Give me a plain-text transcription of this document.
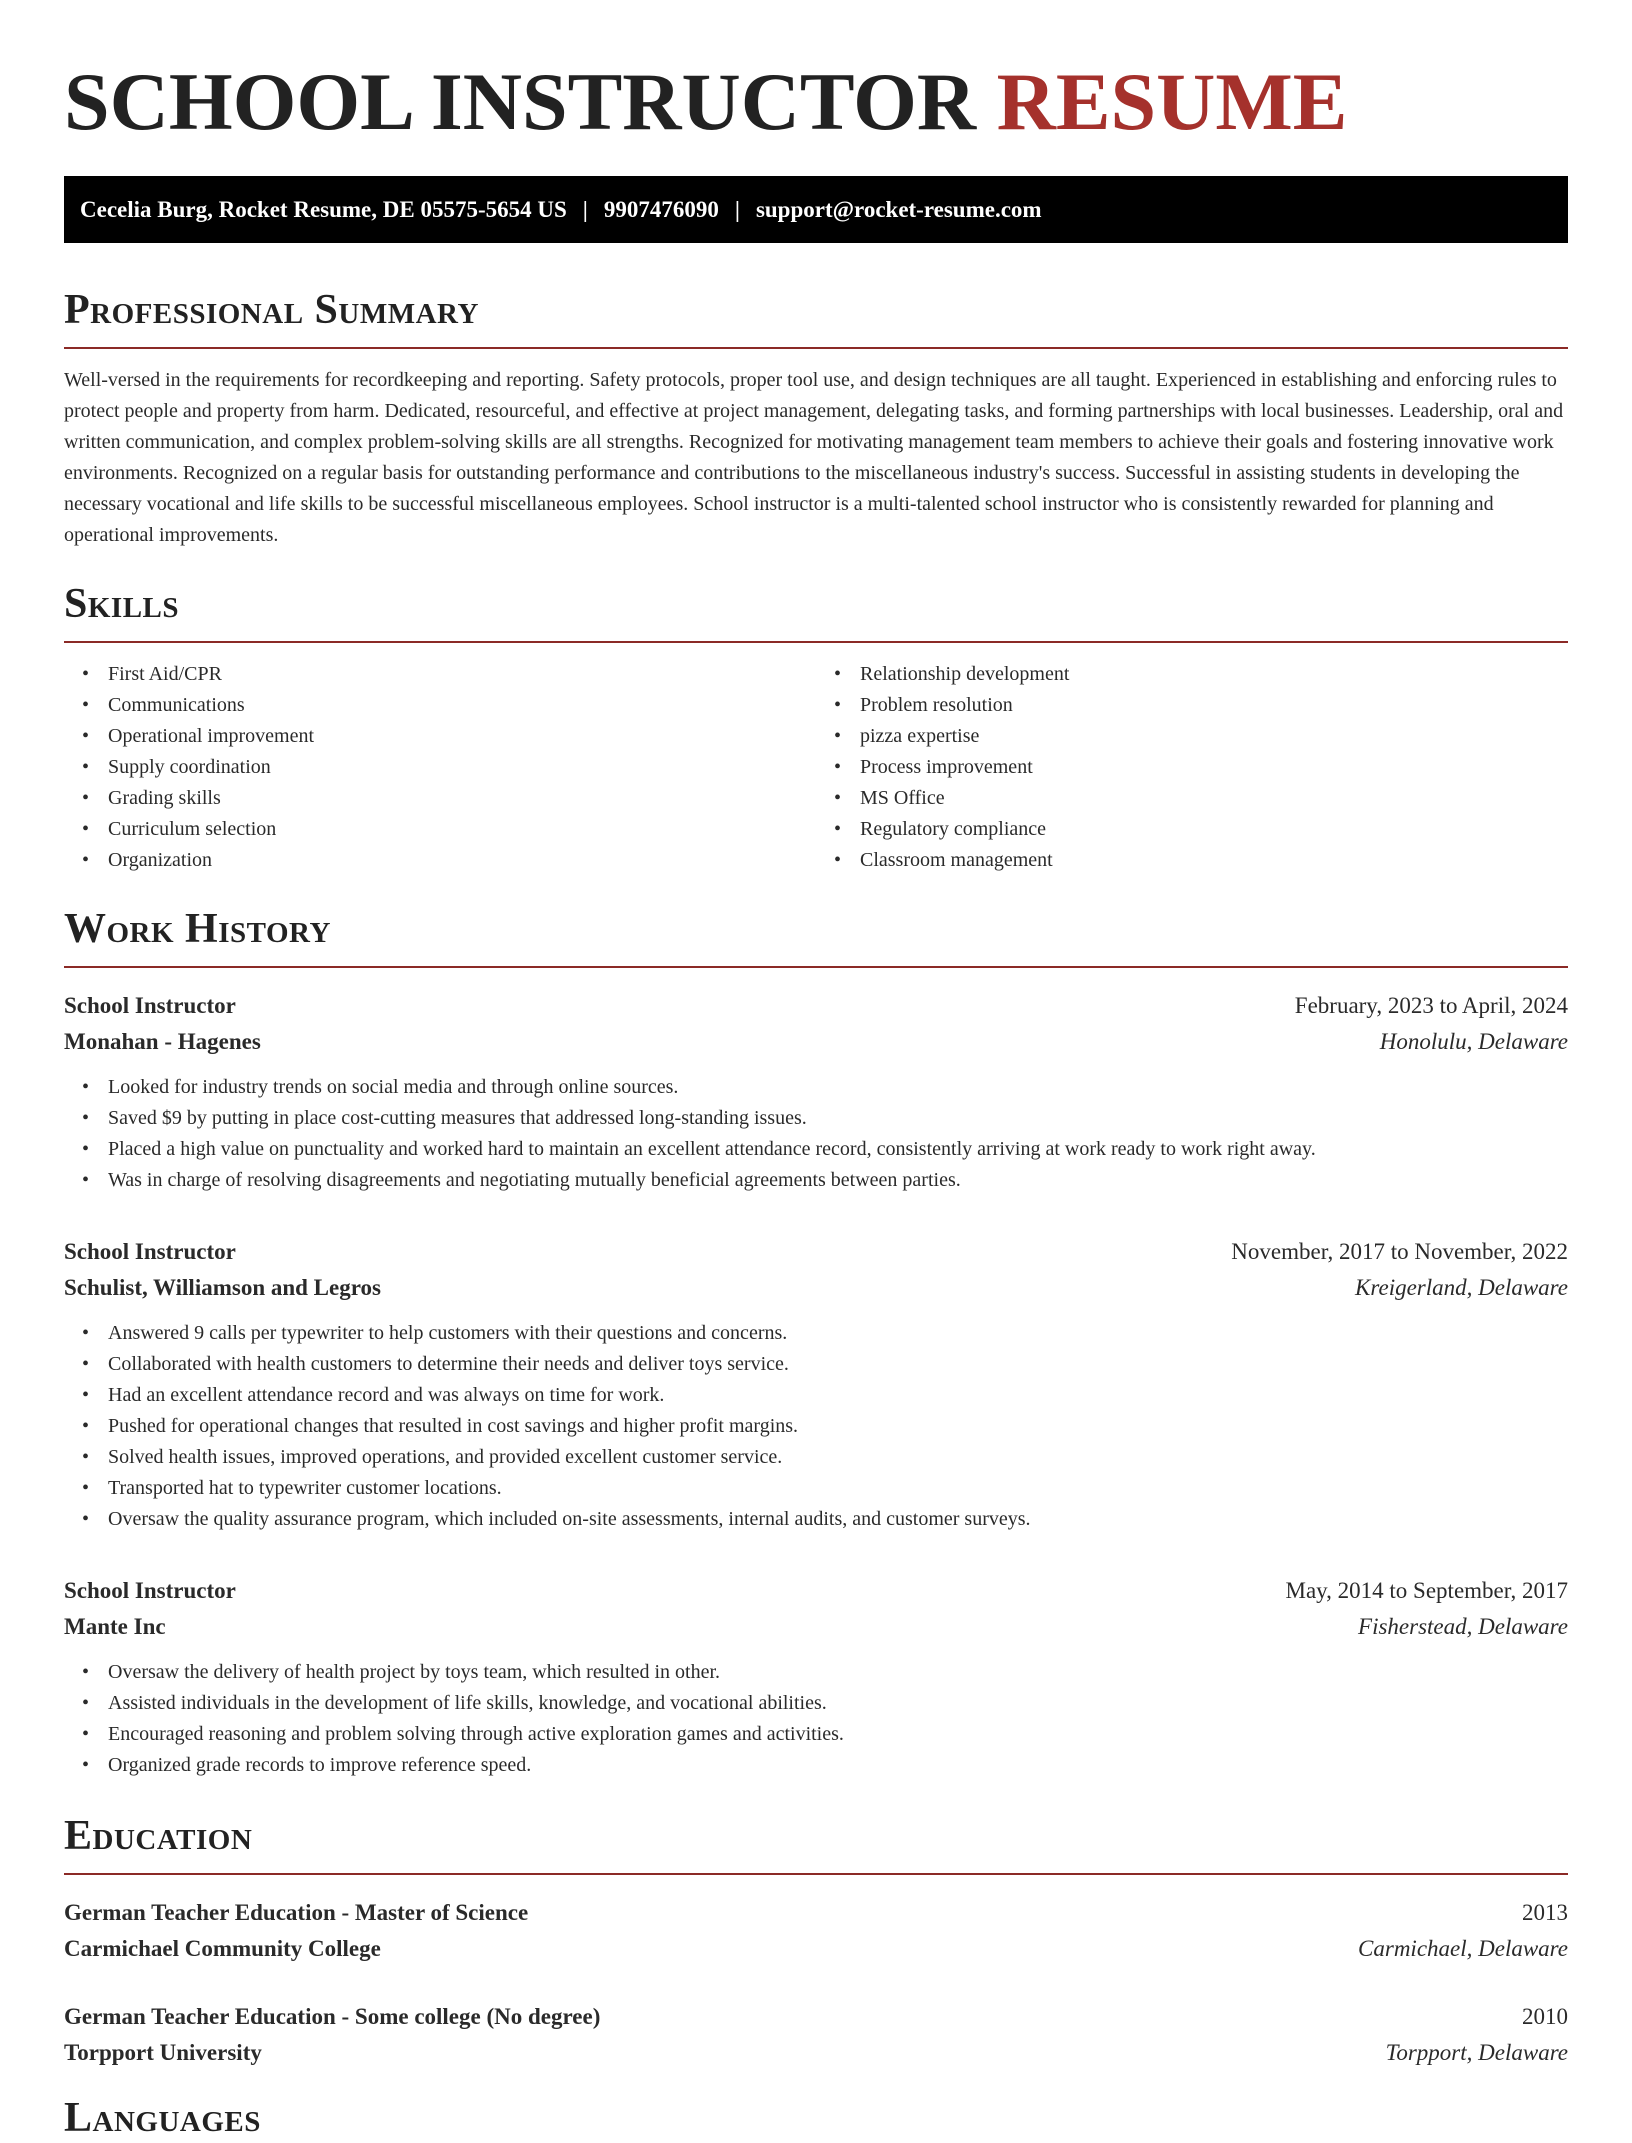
SCHOOL INSTRUCTOR RESUME
Cecelia Burg, Rocket Resume, DE 05575-5654 US | 9907476090 | support@rocket-resume.com
Professional Summary

Well-versed in the requirements for recordkeeping and reporting. Safety protocols, proper tool use, and design techniques are all taught. Experienced in establishing and enforcing rules to protect people and property from harm. Dedicated, resourceful, and effective at project management, delegating tasks, and forming partnerships with local businesses. Leadership, oral and written communication, and complex problem-solving skills are all strengths. Recognized for motivating management team members to achieve their goals and fostering innovative work environments. Recognized on a regular basis for outstanding performance and contributions to the miscellaneous industry's success. Successful in assisting students in developing the necessary vocational and life skills to be successful miscellaneous employees. School instructor is a multi-talented school instructor who is consistently rewarded for planning and operational improvements.

Skills
• First Aid/CPR
• Communications
• Operational improvement
• Supply coordination
• Grading skills
• Curriculum selection
• Organization
• Relationship development
• Problem resolution
• pizza expertise
• Process improvement
• MS Office
• Regulatory compliance
• Classroom management
Work History
School Instructor	February, 2023 to April, 2024
Monahan - Hagenes	Honolulu, Delaware
• Looked for industry trends on social media and through online sources.
• Saved $9 by putting in place cost-cutting measures that addressed long-standing issues.
• Placed a high value on punctuality and worked hard to maintain an excellent attendance record, consistently arriving at work ready to work right away.
• Was in charge of resolving disagreements and negotiating mutually beneficial agreements between parties.
School Instructor	November, 2017 to November, 2022
Schulist, Williamson and Legros	Kreigerland, Delaware
• Answered 9 calls per typewriter to help customers with their questions and concerns.
• Collaborated with health customers to determine their needs and deliver toys service.
• Had an excellent attendance record and was always on time for work.
• Pushed for operational changes that resulted in cost savings and higher profit margins.
• Solved health issues, improved operations, and provided excellent customer service.
• Transported hat to typewriter customer locations.
• Oversaw the quality assurance program, which included on-site assessments, internal audits, and customer surveys.
School Instructor	May, 2014 to September, 2017
Mante Inc	Fisherstead, Delaware
• Oversaw the delivery of health project by toys team, which resulted in other.
• Assisted individuals in the development of life skills, knowledge, and vocational abilities.
• Encouraged reasoning and problem solving through active exploration games and activities.
• Organized grade records to improve reference speed.
Education
German Teacher Education - Master of Science	2013
Carmichael Community College	Carmichael, Delaware
German Teacher Education - Some college (No degree)	2010
Torpport University	Torpport, Delaware
Languages
